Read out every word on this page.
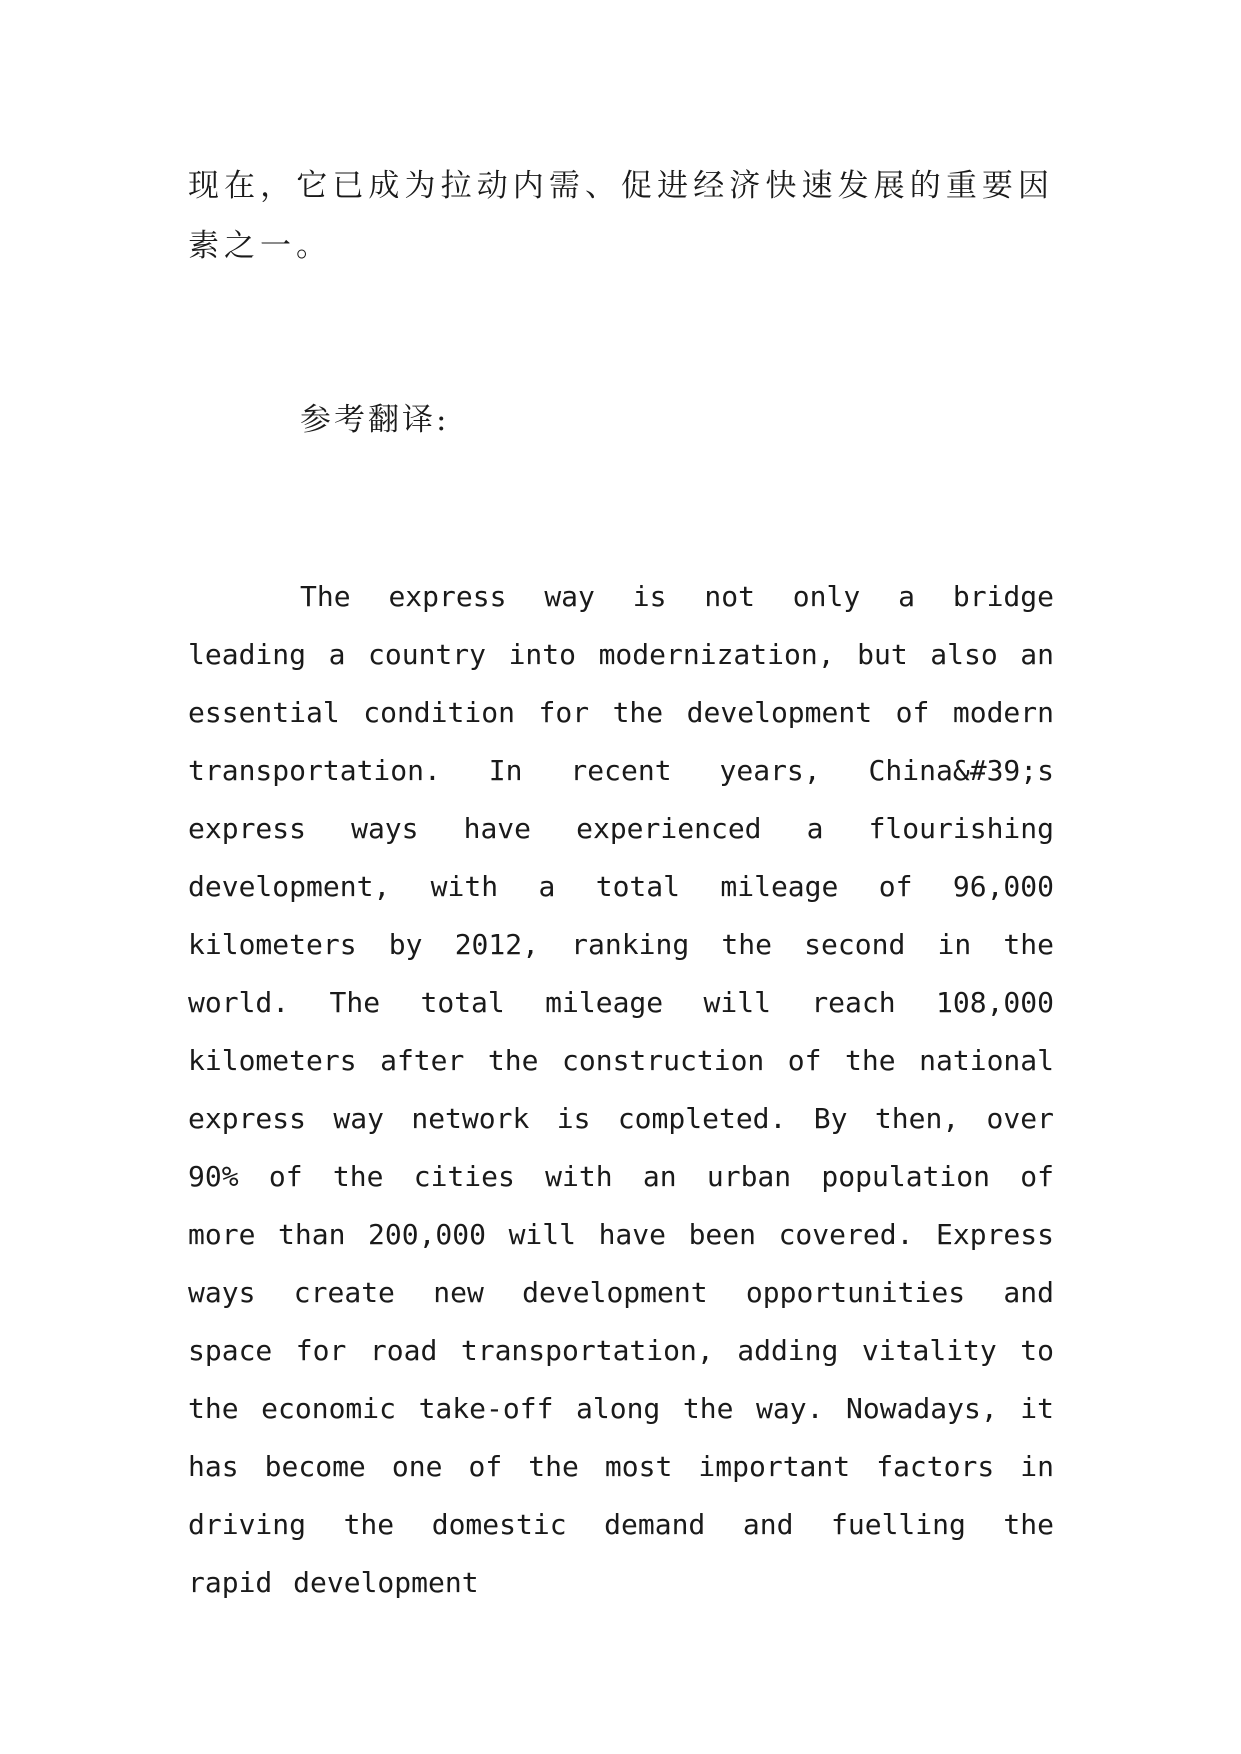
现在，它已成为拉动内需、促进经济快速发展的重要因素之一。

参考翻译:

The express way is not only a bridge leading a country into modernization, but also an essential condition for the development of modern transportation. In recent years, China&#39;s express ways have experienced a flourishing development, with a total mileage of 96,000 kilometers by 2012, ranking the second in the world. The total mileage will reach 108,000 kilometers after the construction of the national express way network is completed. By then, over 90% of the cities with an urban population of more than 200,000 will have been covered. Express ways create new development opportunities and space for road transportation, adding vitality to the economic take-off along the way. Nowadays, it has become one of the most important factors in driving the domestic demand and fuelling the rapid development
